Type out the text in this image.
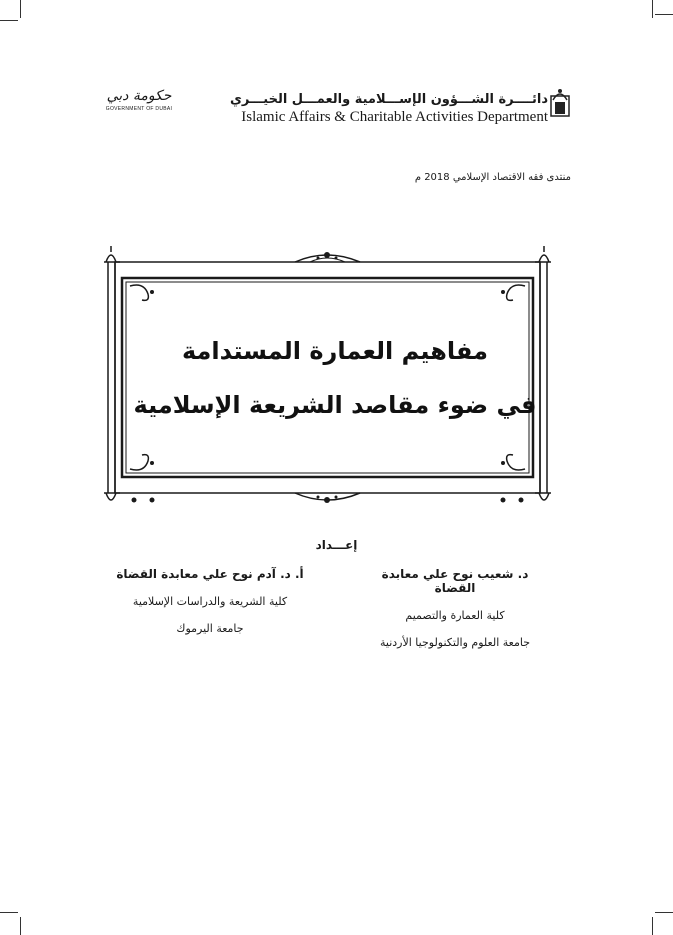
دائــــرة الشـــؤون الإســـلامية والعمـــل الخيـــري
Islamic Affairs & Charitable Activities Department
حكومة دبي
GOVERNMENT OF DUBAI
منتدى فقه الاقتصاد الإسلامي 2018 م
مفاهيم العمارة المستدامة
في ضوء مقاصد الشريعة الإسلامية
إعـــداد
د. شعيب نوح علي معابدة القضاة
كلية العمارة والتصميم
جامعة العلوم والتكنولوجيا الأردنية
أ. د. آدم نوح علي معابدة القضاة
كلية الشريعة والدراسات الإسلامية
جامعة اليرموك
